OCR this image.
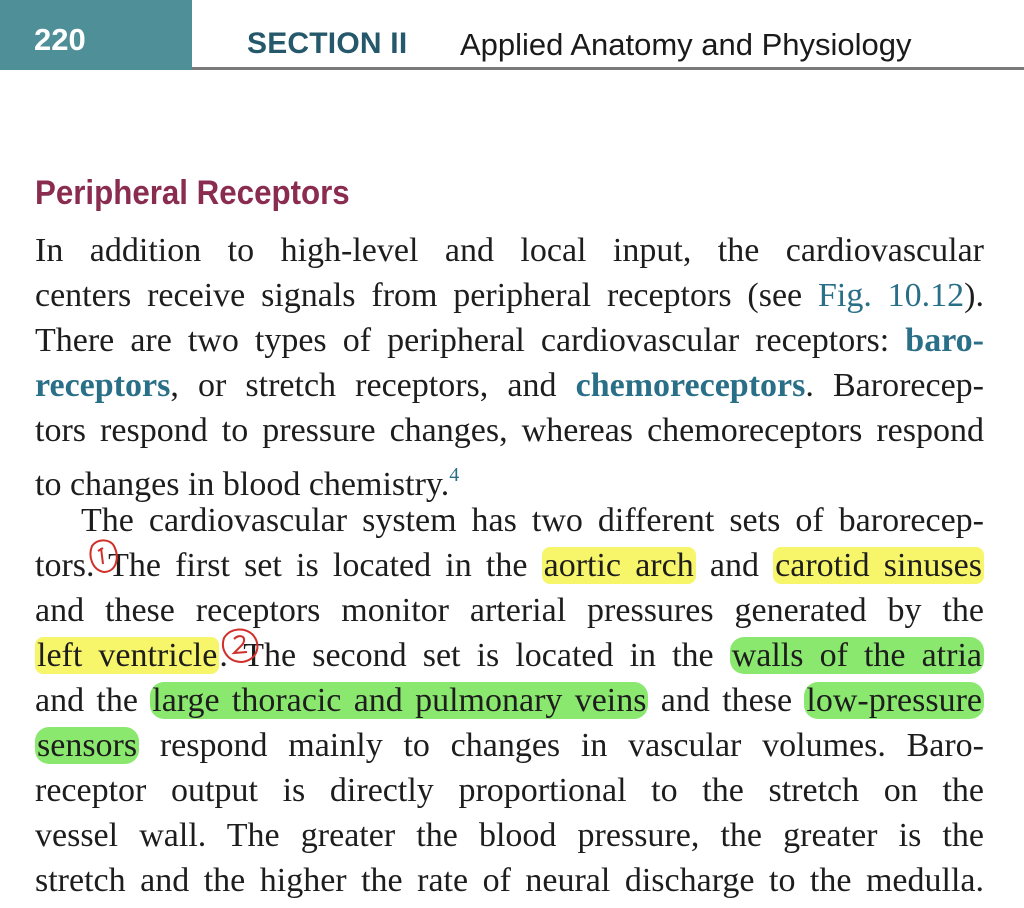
220	SECTION II Applied Anatomy and Physiology
Peripheral Receptors
In addition to high-level and local input, the cardiovascular
centers receive signals from peripheral receptors (see Fig. 10.12).
There are two types of peripheral cardiovascular receptors: baro-
receptors, or stretch receptors, and chemoreceptors. Barorecep-
tors respond to pressure changes, whereas chemoreceptors respond
to changes in blood chemistry.$^4$
The cardiovascular system has two different sets of barorecep-
tors. The first set is located in the aortic arch and carotid sinuses
and these receptors monitor arterial pressures generated by the
left ventricle. The second set is located in the walls of the atria
and the large thoracic and pulmonary veins and these low-pressure
sensors respond mainly to changes in vascular volumes. Baro-
receptor output is directly proportional to the stretch on the
vessel wall. The greater the blood pressure, the greater is the
stretch and the higher the rate of neural discharge to the medulla.
